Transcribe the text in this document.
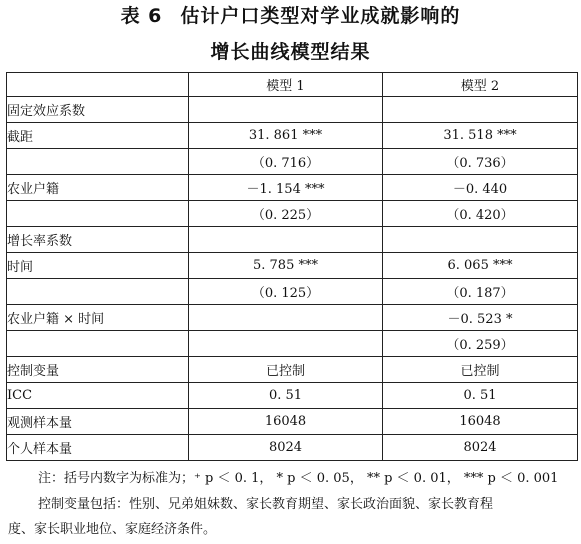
表 6 估计户口类型对学业成就影响的
增长曲线模型结果
	模型 1	模型 2
固定效应系数		
截距	31. 861 ***	31. 518 ***
	（0. 716）	（0. 736）
农业户籍	－1. 154 ***	－0. 440
	（0. 225）	（0. 420）
增长率系数		
时间	5. 785 ***	6. 065 ***
	（0. 125）	（0. 187）
农业户籍 × 时间		－0. 523 *
		（0. 259）
控制变量	已控制	已控制
ICC	0. 51	0. 51
观测样本量	16048	16048
个人样本量	8024	8024
注：括号内数字为标准为；⁺ p ＜ 0. 1， * p ＜ 0. 05， ** p ＜ 0. 01， *** p ＜ 0. 001
控制变量包括：性别、兄弟姐妹数、家长教育期望、家长政治面貌、家长教育程
度、家长职业地位、家庭经济条件。
